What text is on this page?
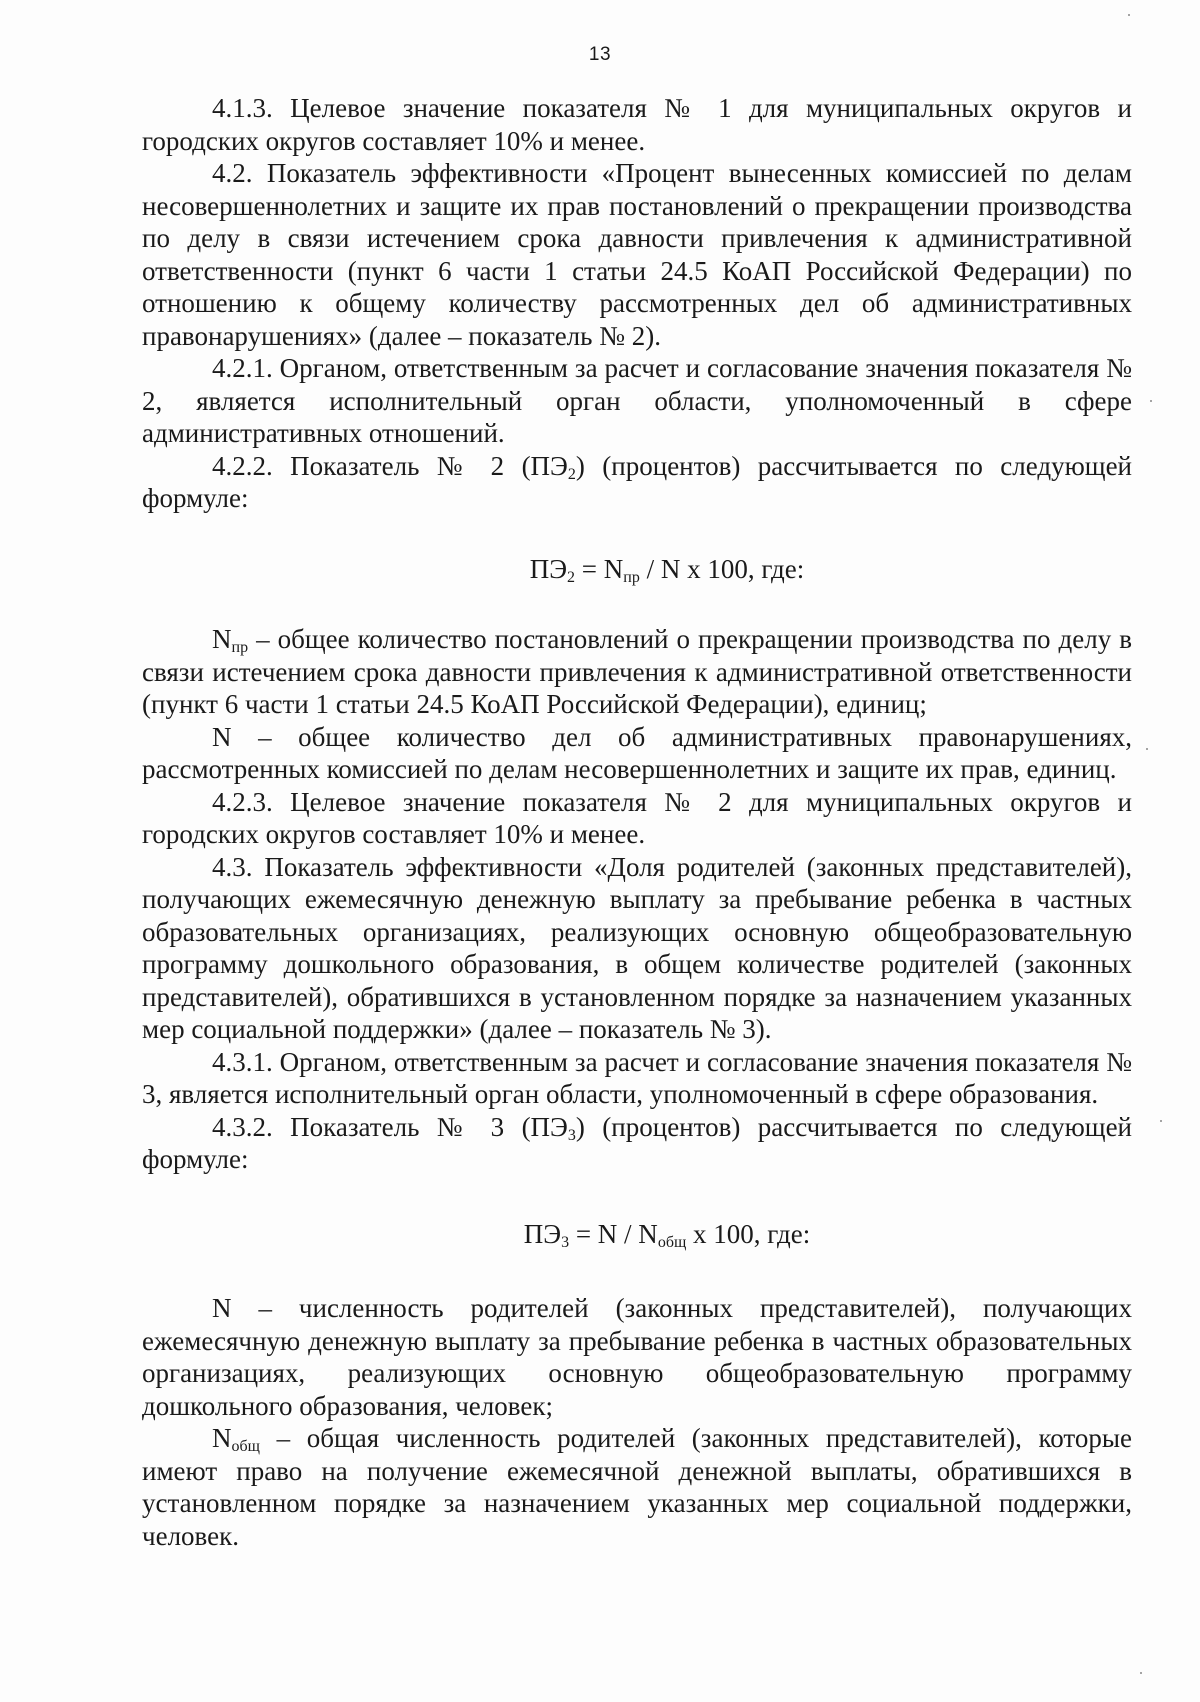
13

4.1.3. Целевое значение показателя № 1 для муниципальных округов и городских округов составляет 10% и менее.

4.2. Показатель эффективности «Процент вынесенных комиссией по делам несовершеннолетних и защите их прав постановлений о прекращении производства по делу в связи истечением срока давности привлечения к административной ответственности (пункт 6 части 1 статьи 24.5 КоАП Российской Федерации) по отношению к общему количеству рассмотренных дел об административных правонарушениях» (далее – показатель № 2).

4.2.1. Органом, ответственным за расчет и согласование значения показателя № 2, является исполнительный орган области, уполномоченный в сфере административных отношений.

4.2.2. Показатель № 2 $(ПЭ_2)$ (процентов) рассчитывается по следующей формуле:

$ПЭ_2 = N_{пр} / N$ x 100, где:

$N_{пр}$ – общее количество постановлений о прекращении производства по делу в связи истечением срока давности привлечения к административной ответственности (пункт 6 части 1 статьи 24.5 КоАП Российской Федерации), единиц;

N – общее количество дел об административных правонарушениях, рассмотренных комиссией по делам несовершеннолетних и защите их прав, единиц.

4.2.3. Целевое значение показателя № 2 для муниципальных округов и городских округов составляет 10% и менее.

4.3. Показатель эффективности «Доля родителей (законных представителей), получающих ежемесячную денежную выплату за пребывание ребенка в частных образовательных организациях, реализующих основную общеобразовательную программу дошкольного образования, в общем количестве родителей (законных представителей), обратившихся в установленном порядке за назначением указанных мер социальной поддержки» (далее – показатель № 3).

4.3.1. Органом, ответственным за расчет и согласование значения показателя № 3, является исполнительный орган области, уполномоченный в сфере образования.

4.3.2. Показатель № 3 $(ПЭ_3)$ (процентов) рассчитывается по следующей формуле:

$ПЭ_3 = N / N_{общ}$ x 100, где:

N – численность родителей (законных представителей), получающих ежемесячную денежную выплату за пребывание ребенка в частных образовательных организациях, реализующих основную общеобразовательную программу дошкольного образования, человек;

$N_{общ}$ – общая численность родителей (законных представителей), которые имеют право на получение ежемесячной денежной выплаты, обратившихся в установленном порядке за назначением указанных мер социальной поддержки, человек.
